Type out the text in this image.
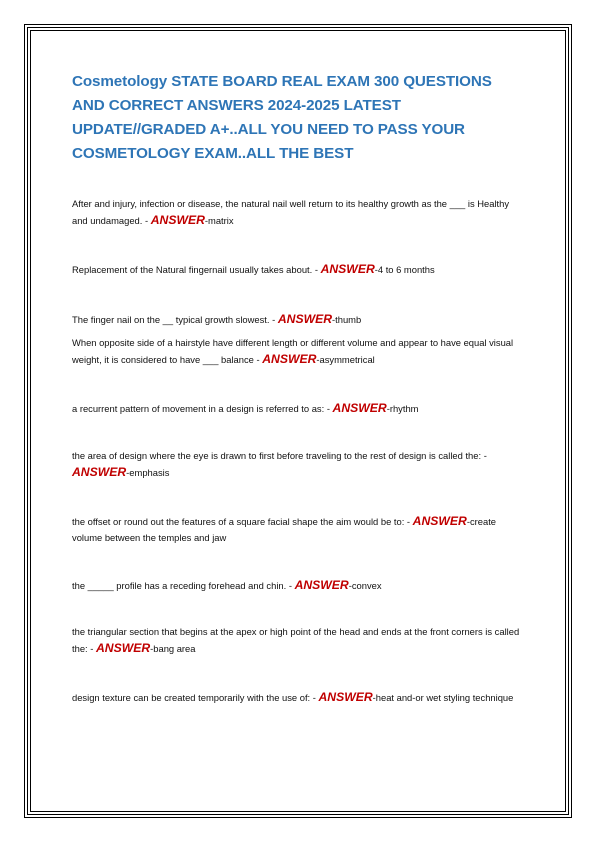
Cosmetology STATE BOARD REAL EXAM 300 QUESTIONS AND CORRECT ANSWERS 2024-2025 LATEST UPDATE//GRADED A+..ALL YOU NEED TO PASS YOUR COSMETOLOGY EXAM..ALL THE BEST

After and injury, infection or disease, the natural nail well return to its healthy growth as the ___ is Healthy and undamaged. - ANSWER-matrix

Replacement of the Natural fingernail usually takes about. - ANSWER-4 to 6 months

The finger nail on the __ typical growth slowest. - ANSWER-thumb

When opposite side of a hairstyle have different length or different volume and appear to have equal visual weight, it is considered to have ___ balance - ANSWER-asymmetrical

a recurrent pattern of movement in a design is referred to as: - ANSWER-rhythm

the area of design where the eye is drawn to first before traveling to the rest of design is called the: - ANSWER-emphasis

the offset or round out the features of a square facial shape the aim would be to: - ANSWER-create volume between the temples and jaw

the _____ profile has a receding forehead and chin. - ANSWER-convex

the triangular section that begins at the apex or high point of the head and ends at the front corners is called the: - ANSWER-bang area

design texture can be created temporarily with the use of: - ANSWER-heat and-or wet styling technique
